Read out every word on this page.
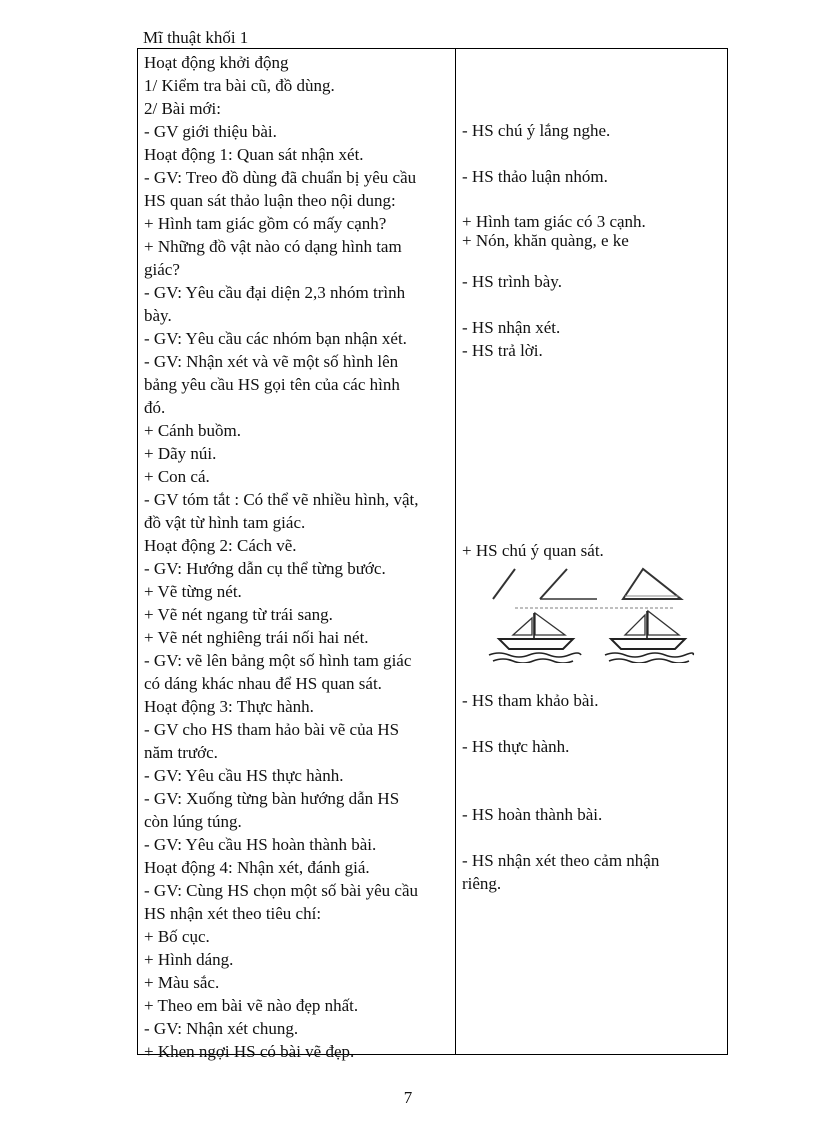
Mĩ thuật khối 1
Hoạt động khởi động
1/ Kiểm tra bài cũ, đồ dùng.
2/ Bài mới:
- GV giới thiệu bài.
Hoạt động 1: Quan sát nhận xét.
- GV: Treo đồ dùng đã chuẩn bị yêu cầu
HS quan sát thảo luận theo nội dung:
+ Hình tam giác gồm có mấy cạnh?
+ Những đồ vật nào có dạng hình tam
giác?
- GV: Yêu cầu đại diện 2,3 nhóm trình
bày.
- GV: Yêu cầu các nhóm bạn nhận xét.
- GV: Nhận xét và vẽ một số hình lên
bảng yêu cầu HS gọi tên của các hình
đó.
+ Cánh buồm.
+ Dãy núi.
+ Con cá.
- GV tóm tắt : Có thể vẽ nhiều hình, vật,
đồ vật từ hình tam giác.
Hoạt động 2: Cách vẽ.
- GV: Hướng dẫn cụ thể từng bước.
+ Vẽ từng nét.
+ Vẽ nét ngang từ trái sang.
+ Vẽ nét nghiêng trái nối hai nét.
- GV: vẽ lên bảng một số hình tam giác
có dáng khác nhau để HS quan sát.
Hoạt động 3: Thực hành.
- GV cho HS tham hảo bài vẽ của HS
năm trước.
- GV: Yêu cầu HS thực hành.
- GV: Xuống từng bàn hướng dẫn HS
còn lúng túng.
- GV: Yêu cầu HS hoàn thành bài.
Hoạt động 4: Nhận xét, đánh giá.
- GV: Cùng HS chọn một số bài yêu cầu
HS nhận xét theo tiêu chí:
+ Bố cục.
+ Hình dáng.
+ Màu sắc.
+ Theo em bài vẽ nào đẹp nhất.
- GV: Nhận xét chung.
+ Khen ngợi HS có bài vẽ đẹp.
- HS chú ý lắng nghe.
- HS thảo luận nhóm.
+ Hình tam giác có 3 cạnh.
+ Nón, khăn quàng, e ke
- HS trình bày.
- HS nhận xét.
- HS trả lời.
+ HS chú ý quan sát.
- HS tham khảo bài.
- HS thực hành.
- HS hoàn thành bài.
- HS nhận xét theo cảm nhận
riêng.
7
